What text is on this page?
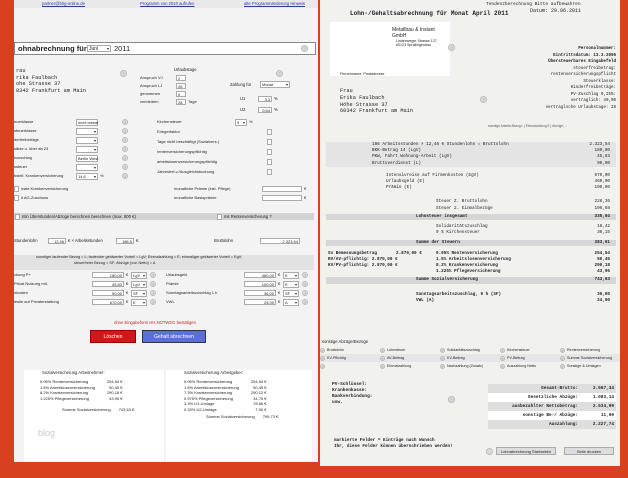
partner@bhg-online.de	Programm von 2010 aufrufen	alte Programmänderung Hinweis
ohnabrechnung für Juni ▾	2011	?
rau
rika Faulbach
ohe Strasse 37
0342 Frankfurt am Main
?
Urlaubstage
Anspruch VJ	2
Anspruch LJ	26
genommen	0
verbleiben	28	Tage
Zahlung für	Monat ▾
U1	3,3 %
U2	0,64 %
?
euerklasse	nicht lesbar ▾	?
steuerklasse ▾	?
derfreibeträge ▾	?
sätze u. über ab 23 ▾	?
kzuschlag	Berlin West ▾	?
ssteuer ▾	?
bstell. Krankenversicherung	14,6 ▾	%	?
Kirchensteuer	9 ▾	%
Erlegerfaktor
Tage nicht beschäftigt (Sozialvers.)
rentenversicherungspflichtig
arbeitslosenversicherungspflichtig
Jahresfrei.v./Ausgleichsbuchung
ivate Krankenversicherung
it AG-Zuschuss
monatliche Prämie (inkl. Pflege)	€
monatliche Basisprämie	€
ntin Überstunden/Abzüge berechnen berechnen (max. 800 €)	mit Rentenversicherung ?
Stundenlohn	12,46 € × Arbeitsstunden	186,5 €	Bruttolohn	2.323,54
sonstiger laufender Bezug = L; laufender geldwerter Vorteil = LgV; Einmalzahlung = E; einmaliger geldwerter Vorteil = EgV;
steuerfreier Bezug = SF; Abzüge (von Netto) = A
ckung P+	180,00	€	LgV ▾	?
Privat Nutzung mtl.	45,83	€	LgV ▾	?
nkosten	90,00	€	SF ▾	?
ieslie auf Privaterstattung	670,00	€	E ▾	?
Urlaubsgeld	460,00	€	E ▾	?
Prämie	100,00	€	E ▾	?
Sonntagsarbeitszuschlag 1 h	36,00	€	SF ▾	?
VWL	24,00	€	A ▾	?
ohne Eingabeform HH.NOTWEG bestätigen
Löschen	Gehalt abrechnen
Sozialversicherung Arbeitnehmer:
9.95% Rentenversicherung	254,54 €
1.5% Arbeitslosenversicherung	50,45 €
8.2% Krankenversicherung	290,18 €
1.225% Pflegeversicherung	43,95 €
Summe Sozialversicherung	743,63 €
Sozialversicherung Arbeitgeber:
9.95% Rentenversicherung	254,54 €
1.5% Arbeitslosenversicherung	50,45 €
7.3% Krankenversicherung	290,12 €
0.975% Pflegeversicherung	34,75 €
3.3% U1-Umlage	78,66 €
0.33% U2-Umlage	7,90 €
Summe Sozialversicherung	799,73 €
blog
Tendenzberechnung Bitte aufbewahren
Datum: 29.06.2011
Lohn-/Gehaltsabrechnung für Monat April 2011
Metallbau & Instant GmbH
Lindenweger Strasse 127
60123 Sprallingenbau
Firmenname, Postadresse
?	Personalnummer:
Eintrittsdatum: 13.3.2006
Übersteuerbares Eingabefeld
steuerfreibetrag:
rentenversicherungspflicht
Steuerklasse:
Kinderfreibeträge:
PV-Zuschlag 0,25%:
vertraglich: 40,00
vertraglsche Urlaubstage: 28
Frau
Erika Faulbach
Höhe Strasse 37
60342 Frankfurt am Main
?
sonstige Arbeits-Bezug L | Einmalzahlung E | Abzüge; ...
186 Arbeitsstunden × 12,46 € Stundenlohn = Bruttolohn	2.323,54
BKK-Betrag 14 (LgV)	180,00
PKW, Fahrt Wohnung-Arbeit (LgV)	45,83
Bruttoverdienst (L)	90,00
Intensivreise auf Firmenkosten (EgV)	670,00
Urlaubsgeld (E)	460,00
Prämie (E)	100,00
Steuer Z. Bruttolohn	228,36
Steuer 2. Einmalbezüge	106,68
Lohnsteuer insgesamt	335,04
Solidaritätszuschlag	18,42
9 % Kirchensteuer	30,15
Summe der Steuern	383,61
Sv Bemessungsbetrag	2.870,00 €	9.95% Rentenversicherung	254,54
RV/AV-pflichtig: 2.870,00 €	1.5% Arbeitslosenversicherung	50,45
KV/PV-pflichtig: 2.870,00 €	8.2% Krankenversicherung	290,18
1.225% Pflegeversicherung	43,95
Summe Sozialversicherung	743,63
Sonntagsarbeitszuschlag, 9 h (SF)	36,00
VWL (A)	24,00
sonstige Abzüge/Bezüge
? Bruttolohn	? Lohnsteuer	? Solidaritätszuschlag	? Kirchensteuer	? Rentenversicherung
? KV-Pflichtig	? AV-Beitrag	? KV-Beitrag	? PV-Beitrag	? Summe Sozialversicherung
?	? Einmalzahlung	? Nachzahlung (Zusatz)	? Auszahlung Netto	? Sonstige & Umlagen
PV-Schlüssel:
Krankenkasse:
Bankverbindung:
usw.
?
markierte Felder = Einträge nach Wunsch
Ihr, diese Felder können überschrieben werden!
Gesamt-Brutto:	3.567,34
Gesetzliche Abzüge:	1.083,14
ausbezahlter Nettobetrag:	2.534,99
sonstige Be-/ Abzüge:	11,00
Auszahlung:	2.227,74
←	Lohnabrechnung Startseiten	Seite drucken
